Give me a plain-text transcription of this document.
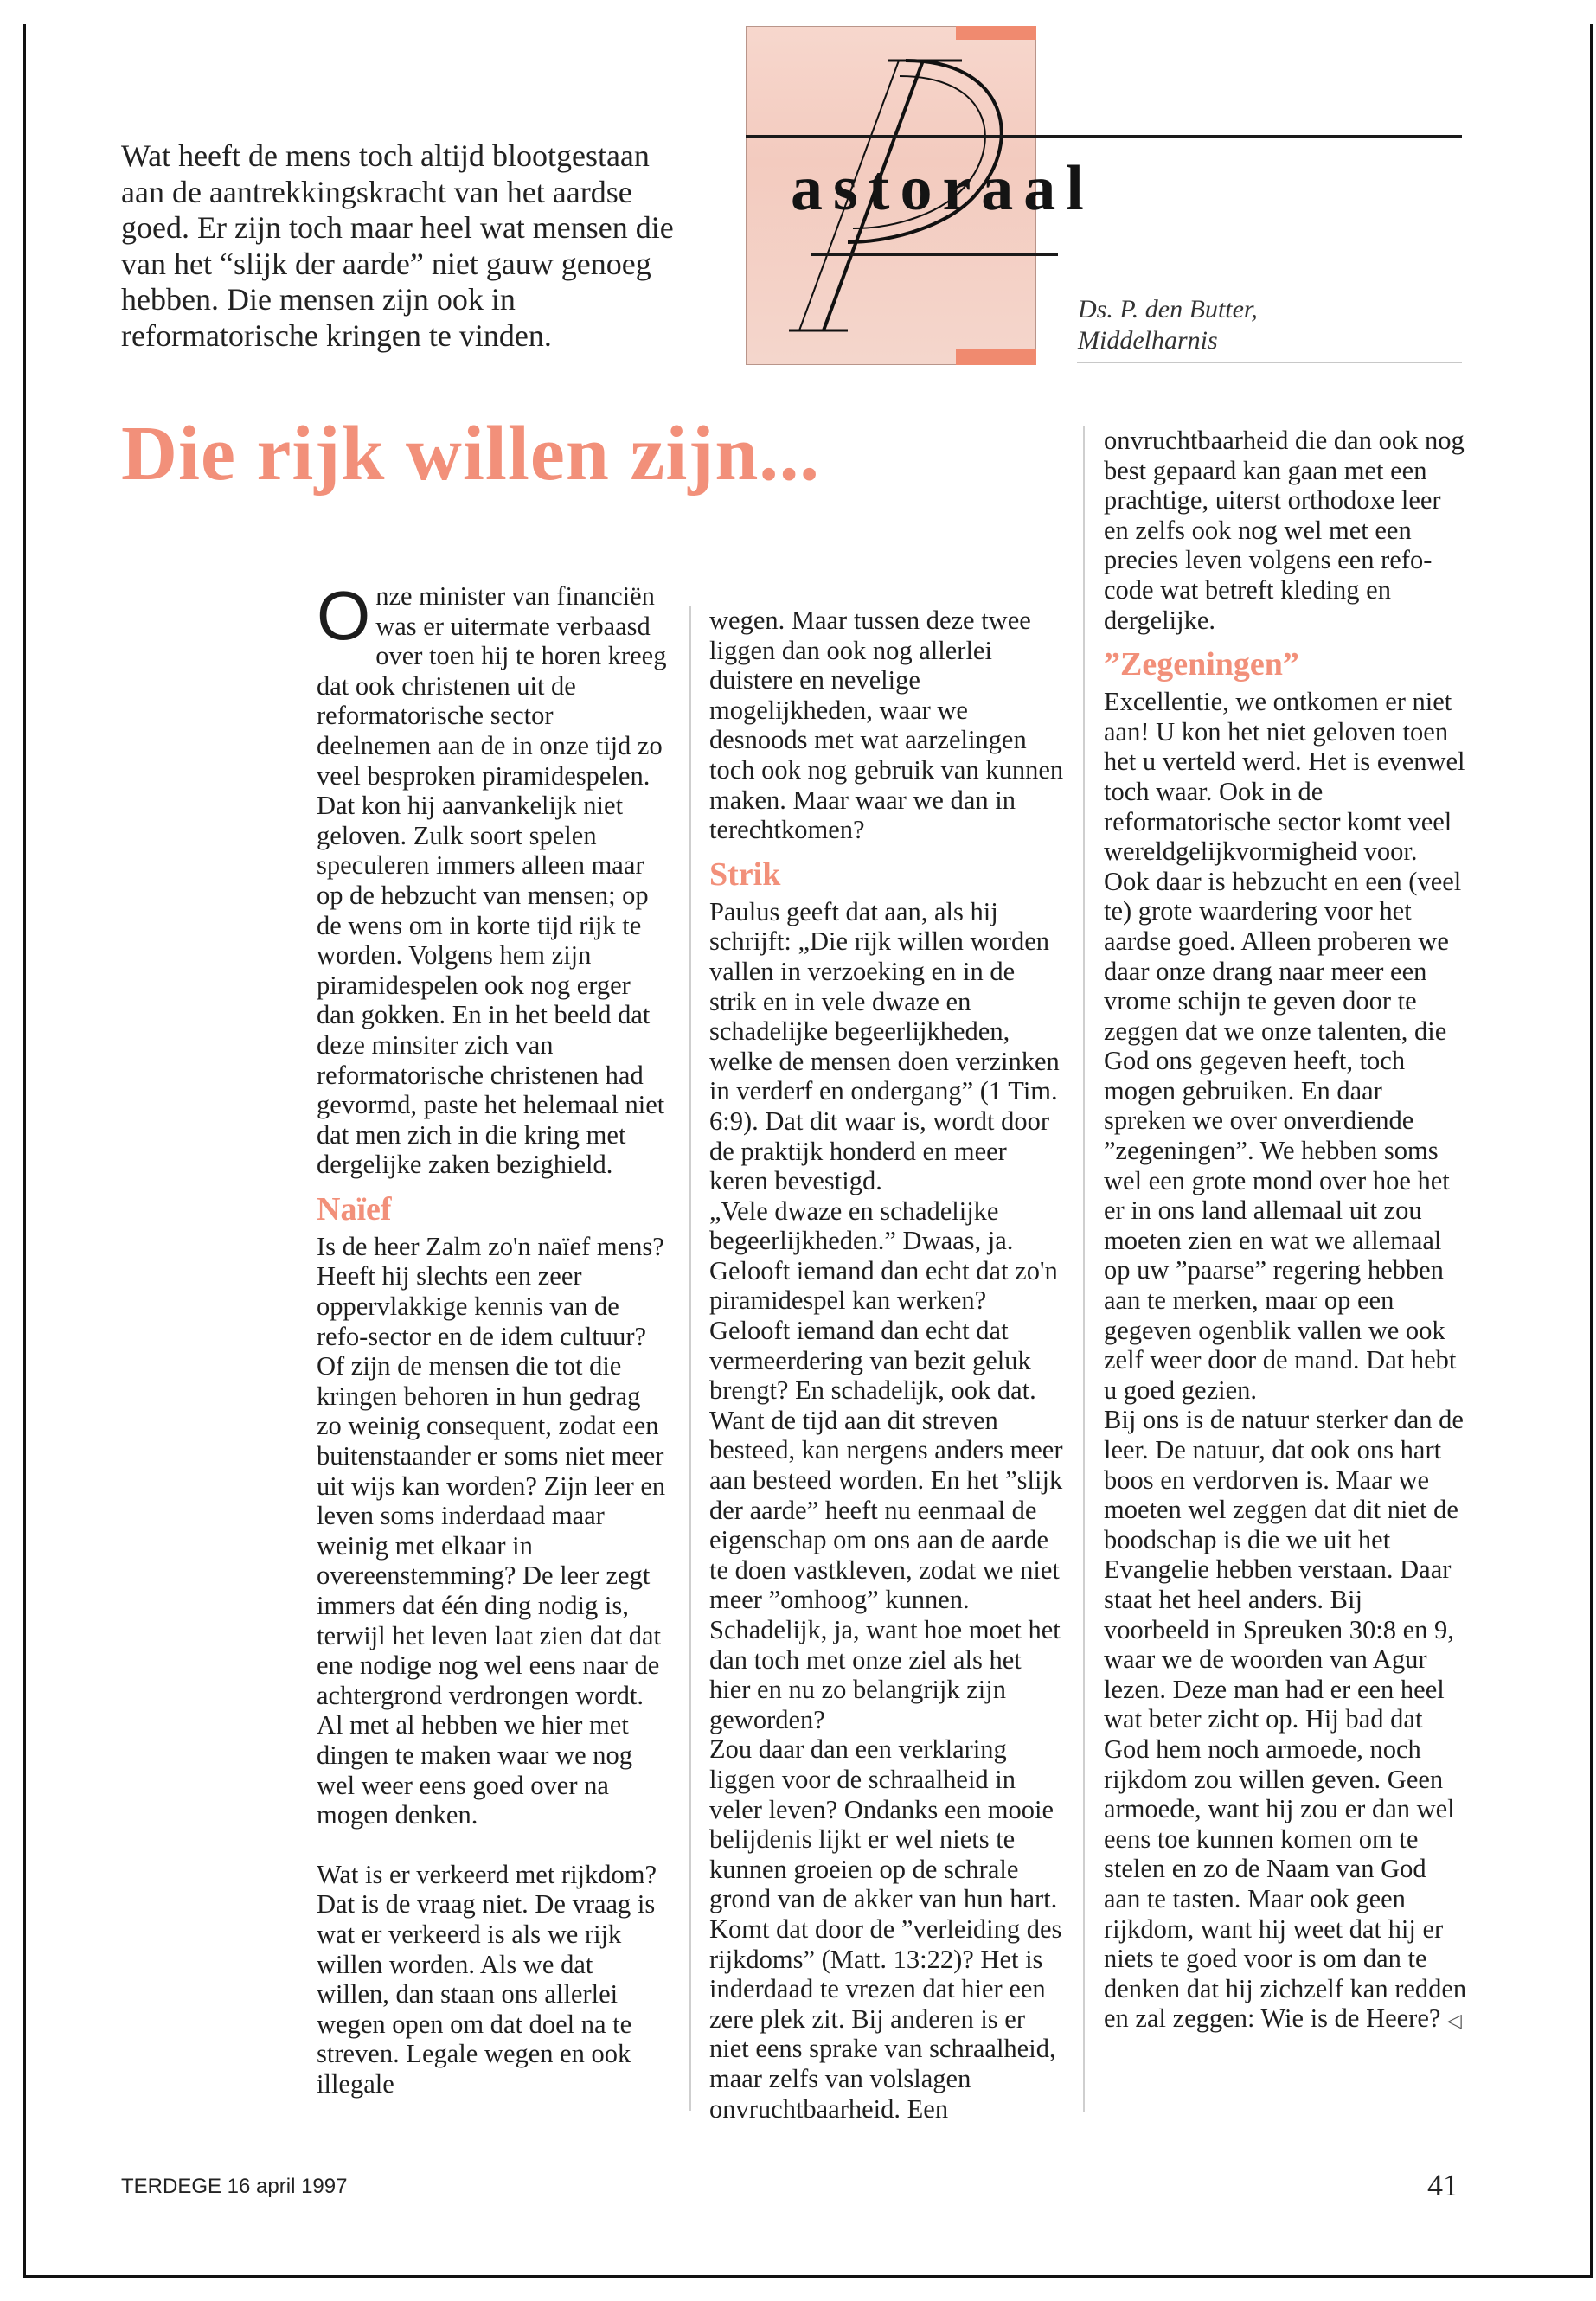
astoraal
Ds. P. den Butter,
Middelharnis

Wat heeft de mens toch altijd blootgestaan aan de aantrekkingskracht van het aardse goed. Er zijn toch maar heel wat mensen die van het “slijk der aarde” niet gauw genoeg hebben. Die mensen zijn ook in reformatorische kringen te vinden.

Die rijk willen zijn...

Onze minister van financiën was er uitermate verbaasd over toen hij te horen kreeg dat ook christenen uit de reformatorische sector deelnemen aan de in onze tijd zo veel besproken piramidespelen. Dat kon hij aanvankelijk niet geloven. Zulk soort spelen speculeren immers alleen maar op de hebzucht van mensen; op de wens om in korte tijd rijk te worden. Volgens hem zijn piramidespelen ook nog erger dan gokken. En in het beeld dat deze minsiter zich van reformatorische christenen had gevormd, paste het helemaal niet dat men zich in die kring met dergelijke zaken bezighield.

Naïef

Is de heer Zalm zo'n naïef mens? Heeft hij slechts een zeer oppervlakkige kennis van de refo-sector en de idem cultuur? Of zijn de mensen die tot die kringen behoren in hun gedrag zo weinig consequent, zodat een buitenstaander er soms niet meer uit wijs kan worden? Zijn leer en leven soms inderdaad maar weinig met elkaar in overeenstemming? De leer zegt immers dat één ding nodig is, terwijl het leven laat zien dat dat ene nodige nog wel eens naar de achtergrond verdrongen wordt. Al met al hebben we hier met dingen te maken waar we nog wel weer eens goed over na mogen denken.

Wat is er verkeerd met rijkdom? Dat is de vraag niet. De vraag is wat er verkeerd is als we rijk willen worden. Als we dat willen, dan staan ons allerlei wegen open om dat doel na te streven. Legale wegen en ook illegale

wegen. Maar tussen deze twee liggen dan ook nog allerlei duistere en nevelige mogelijkheden, waar we desnoods met wat aarzelingen toch ook nog gebruik van kunnen maken. Maar waar we dan in terechtkomen?

Strik

Paulus geeft dat aan, als hij schrijft: „Die rijk willen worden vallen in verzoeking en in de strik en in vele dwaze en schadelijke begeerlijkheden, welke de mensen doen verzinken in verderf en ondergang” (1 Tim. 6:9). Dat dit waar is, wordt door de praktijk honderd en meer keren bevestigd.

„Vele dwaze en schadelijke begeerlijkheden.” Dwaas, ja. Gelooft iemand dan echt dat zo'n piramidespel kan werken? Gelooft iemand dan echt dat vermeerdering van bezit geluk brengt? En schadelijk, ook dat. Want de tijd aan dit streven besteed, kan nergens anders meer aan besteed worden. En het ”slijk der aarde” heeft nu eenmaal de eigenschap om ons aan de aarde te doen vastkleven, zodat we niet meer ”omhoog” kunnen. Schadelijk, ja, want hoe moet het dan toch met onze ziel als het hier en nu zo belangrijk zijn geworden?

Zou daar dan een verklaring liggen voor de schraalheid in veler leven? Ondanks een mooie belijdenis lijkt er wel niets te kunnen groeien op de schrale grond van de akker van hun hart. Komt dat door de ”verleiding des rijkdoms” (Matt. 13:22)? Het is inderdaad te vrezen dat hier een zere plek zit. Bij anderen is er niet eens sprake van schraalheid, maar zelfs van volslagen onvruchtbaarheid. Een

onvruchtbaarheid die dan ook nog best gepaard kan gaan met een prachtige, uiterst orthodoxe leer en zelfs ook nog wel met een precies leven volgens een refo-code wat betreft kleding en dergelijke.

”Zegeningen”

Excellentie, we ontkomen er niet aan! U kon het niet geloven toen het u verteld werd. Het is evenwel toch waar. Ook in de reformatorische sector komt veel wereldgelijkvormigheid voor. Ook daar is hebzucht en een (veel te) grote waardering voor het aardse goed. Alleen proberen we daar onze drang naar meer een vrome schijn te geven door te zeggen dat we onze talenten, die God ons gegeven heeft, toch mogen gebruiken. En daar spreken we over onverdiende ”zegeningen”. We hebben soms wel een grote mond over hoe het er in ons land allemaal uit zou moeten zien en wat we allemaal op uw ”paarse” regering hebben aan te merken, maar op een gegeven ogenblik vallen we ook zelf weer door de mand. Dat hebt u goed gezien.

Bij ons is de natuur sterker dan de leer. De natuur, dat ook ons hart boos en verdorven is. Maar we moeten wel zeggen dat dit niet de boodschap is die we uit het Evangelie hebben verstaan. Daar staat het heel anders. Bij voorbeeld in Spreuken 30:8 en 9, waar we de woorden van Agur lezen. Deze man had er een heel wat beter zicht op. Hij bad dat God hem noch armoede, noch rijkdom zou willen geven. Geen armoede, want hij zou er dan wel eens toe kunnen komen om te stelen en zo de Naam van God aan te tasten. Maar ook geen rijkdom, want hij weet dat hij er niets te goed voor is om dan te denken dat hij zichzelf kan redden en zal zeggen: Wie is de Heere? ◁

TERDEGE 16 april 1997	41
